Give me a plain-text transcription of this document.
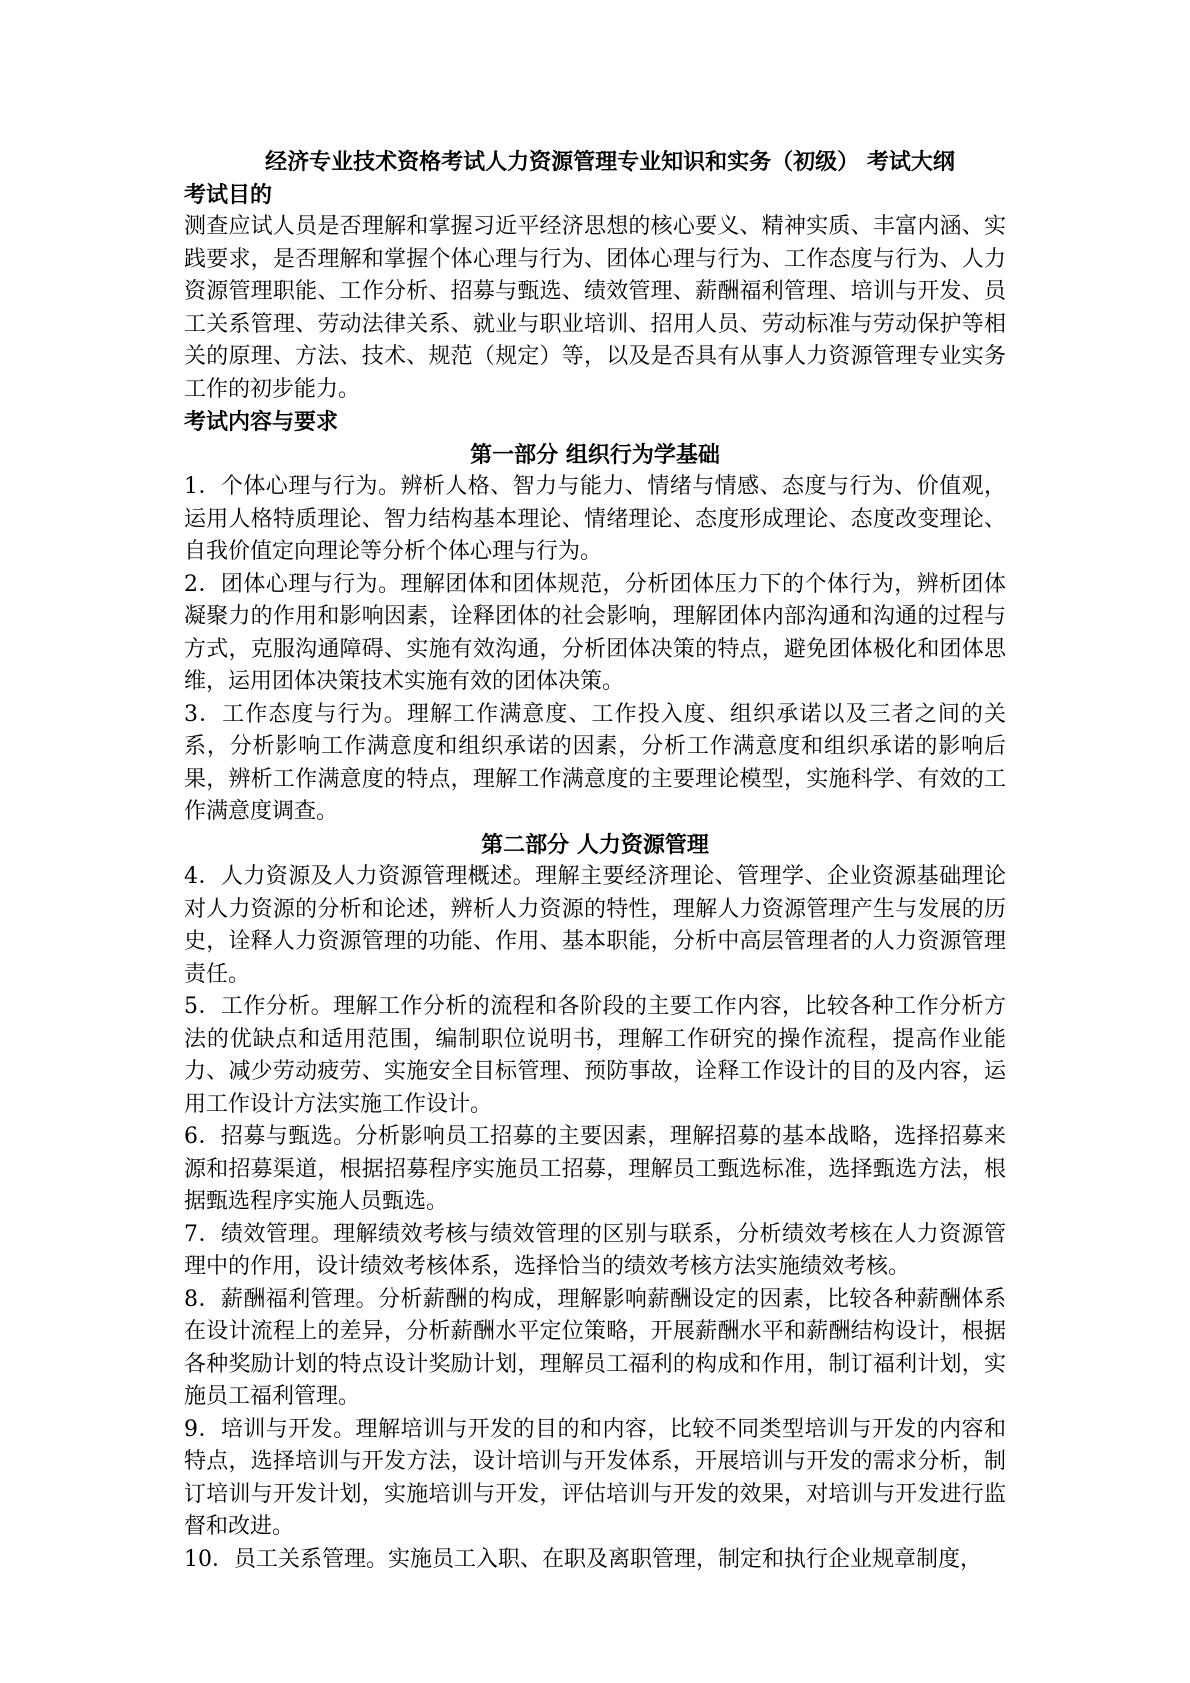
经济专业技术资格考试人力资源管理专业知识和实务（初级） 考试大纲

考试目的

测查应试人员是否理解和掌握习近平经济思想的核心要义、精神实质、丰富内涵、实践要求，是否理解和掌握个体心理与行为、团体心理与行为、工作态度与行为、人力资源管理职能、工作分析、招募与甄选、绩效管理、薪酬福利管理、培训与开发、员工关系管理、劳动法律关系、就业与职业培训、招用人员、劳动标准与劳动保护等相关的原理、方法、技术、规范（规定）等，以及是否具有从事人力资源管理专业实务工作的初步能力。

考试内容与要求

第一部分 组织行为学基础

1．个体心理与行为。辨析人格、智力与能力、情绪与情感、态度与行为、价值观，运用人格特质理论、智力结构基本理论、情绪理论、态度形成理论、态度改变理论、自我价值定向理论等分析个体心理与行为。

2．团体心理与行为。理解团体和团体规范，分析团体压力下的个体行为，辨析团体凝聚力的作用和影响因素，诠释团体的社会影响，理解团体内部沟通和沟通的过程与方式，克服沟通障碍、实施有效沟通，分析团体决策的特点，避免团体极化和团体思维，运用团体决策技术实施有效的团体决策。

3．工作态度与行为。理解工作满意度、工作投入度、组织承诺以及三者之间的关系，分析影响工作满意度和组织承诺的因素，分析工作满意度和组织承诺的影响后果，辨析工作满意度的特点，理解工作满意度的主要理论模型，实施科学、有效的工作满意度调查。

第二部分 人力资源管理

4．人力资源及人力资源管理概述。理解主要经济理论、管理学、企业资源基础理论对人力资源的分析和论述，辨析人力资源的特性，理解人力资源管理产生与发展的历史，诠释人力资源管理的功能、作用、基本职能，分析中高层管理者的人力资源管理责任。

5．工作分析。理解工作分析的流程和各阶段的主要工作内容，比较各种工作分析方法的优缺点和适用范围，编制职位说明书，理解工作研究的操作流程，提高作业能力、减少劳动疲劳、实施安全目标管理、预防事故，诠释工作设计的目的及内容，运用工作设计方法实施工作设计。

6．招募与甄选。分析影响员工招募的主要因素，理解招募的基本战略，选择招募来源和招募渠道，根据招募程序实施员工招募，理解员工甄选标准，选择甄选方法，根据甄选程序实施人员甄选。

7．绩效管理。理解绩效考核与绩效管理的区别与联系，分析绩效考核在人力资源管理中的作用，设计绩效考核体系，选择恰当的绩效考核方法实施绩效考核。

8．薪酬福利管理。分析薪酬的构成，理解影响薪酬设定的因素，比较各种薪酬体系在设计流程上的差异，分析薪酬水平定位策略，开展薪酬水平和薪酬结构设计，根据各种奖励计划的特点设计奖励计划，理解员工福利的构成和作用，制订福利计划，实施员工福利管理。

9．培训与开发。理解培训与开发的目的和内容，比较不同类型培训与开发的内容和特点，选择培训与开发方法，设计培训与开发体系，开展培训与开发的需求分析，制订培训与开发计划，实施培训与开发，评估培训与开发的效果，对培训与开发进行监督和改进。

10．员工关系管理。实施员工入职、在职及离职管理，制定和执行企业规章制度，
